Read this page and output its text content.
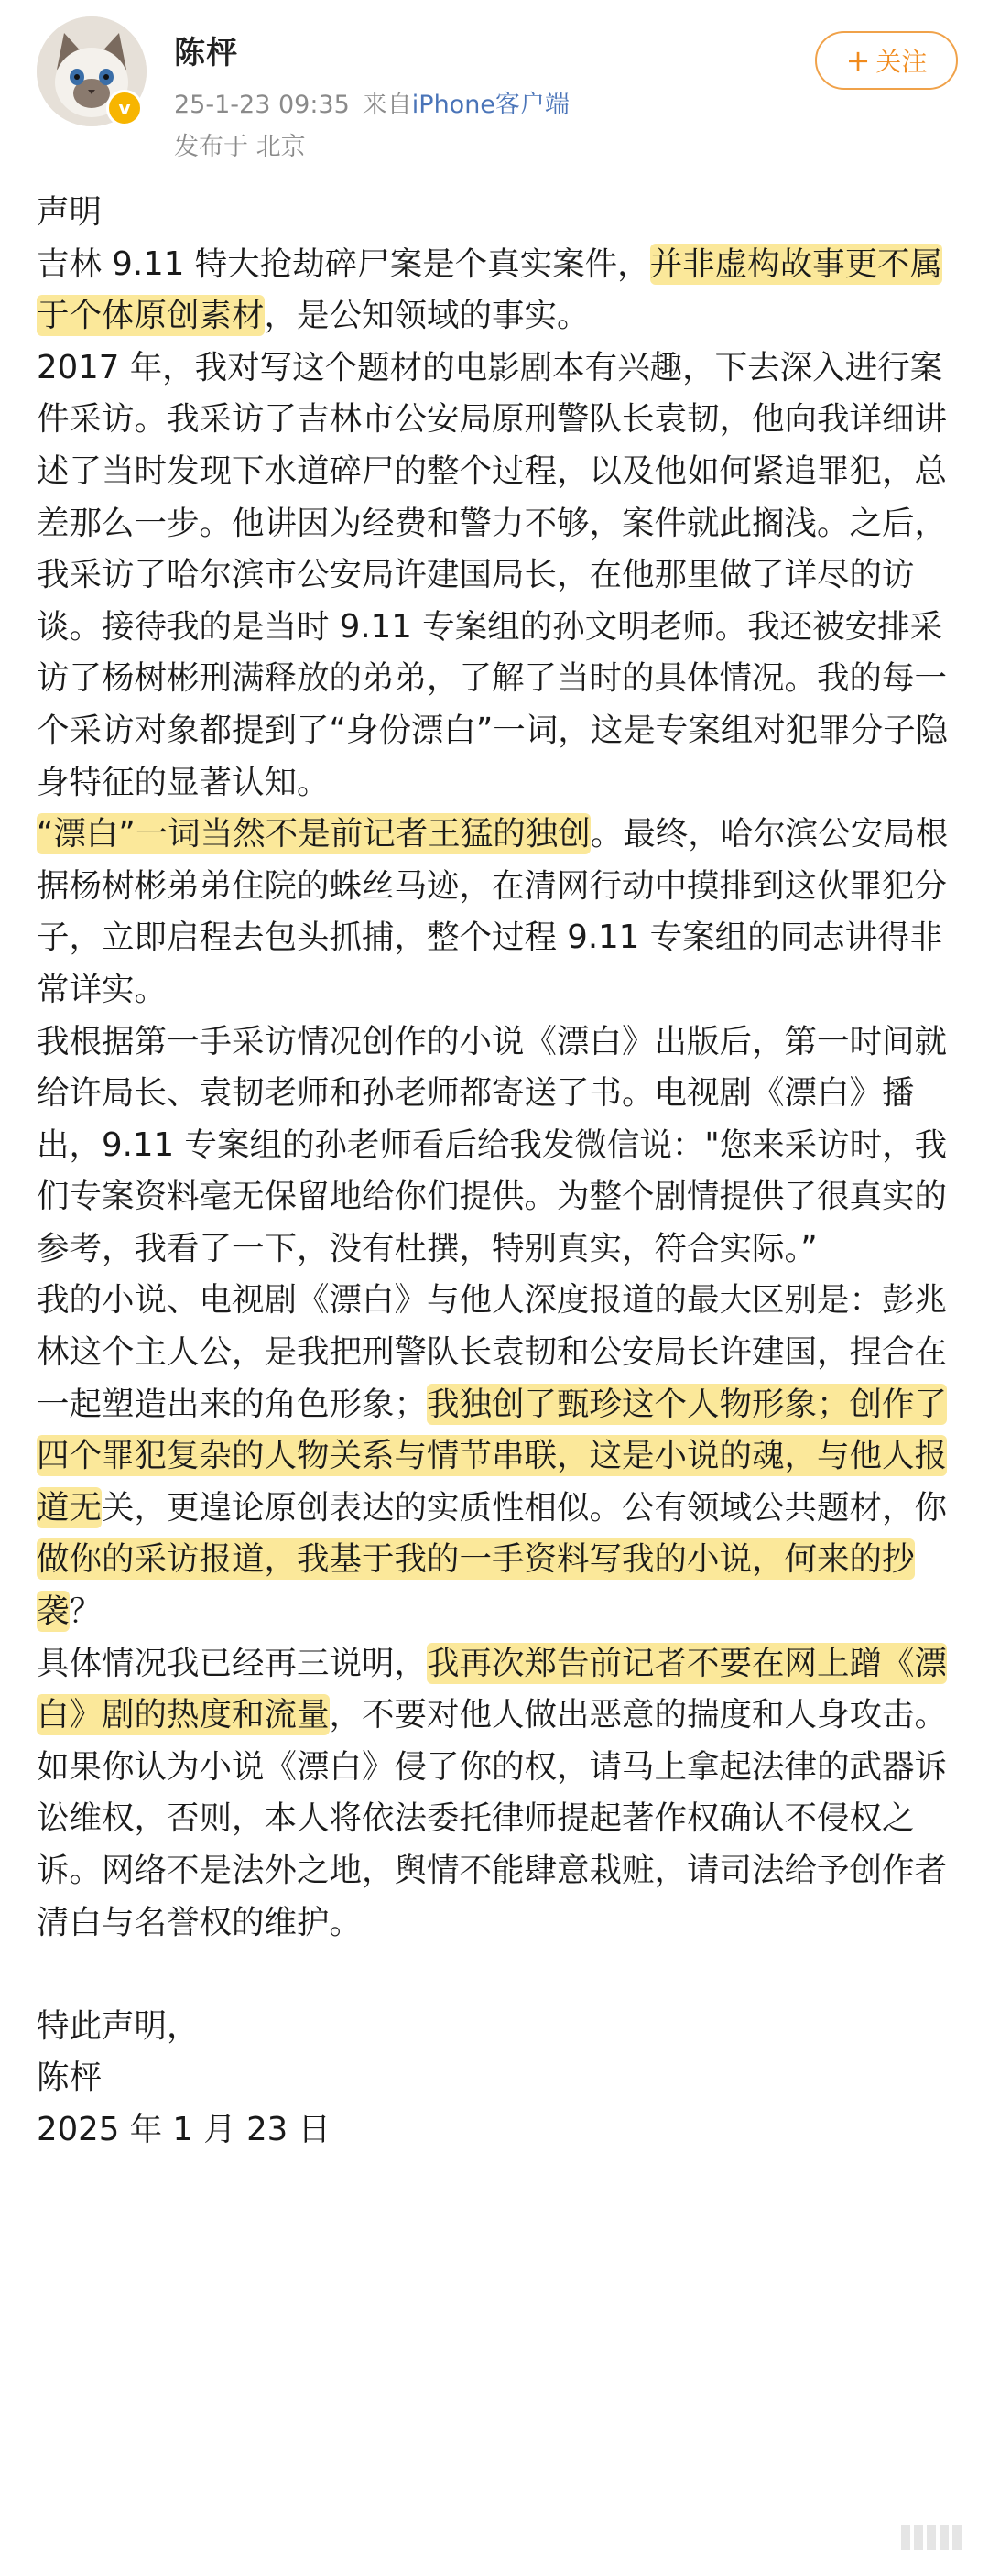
v
陈枰
25-1-23 09:35 来自iPhone客户端
发布于 北京
+ 关注

声明

吉林 9.11 特大抢劫碎尸案是个真实案件，并非虚构故事更不属于个体原创素材，是公知领域的事实。

2017 年，我对写这个题材的电影剧本有兴趣，下去深入进行案件采访。我采访了吉林市公安局原刑警队长袁韧，他向我详细讲述了当时发现下水道碎尸的整个过程，以及他如何紧追罪犯，总差那么一步。他讲因为经费和警力不够，案件就此搁浅。之后，我采访了哈尔滨市公安局许建国局长，在他那里做了详尽的访谈。接待我的是当时 9.11 专案组的孙文明老师。我还被安排采访了杨树彬刑满释放的弟弟，了解了当时的具体情况。我的每一个采访对象都提到了“身份漂白”一词，这是专案组对犯罪分子隐身特征的显著认知。

“漂白”一词当然不是前记者王猛的独创。最终，哈尔滨公安局根据杨树彬弟弟住院的蛛丝马迹，在清网行动中摸排到这伙罪犯分子，立即启程去包头抓捕，整个过程 9.11 专案组的同志讲得非常详实。

我根据第一手采访情况创作的小说《漂白》出版后，第一时间就给许局长、袁韧老师和孙老师都寄送了书。电视剧《漂白》播出，9.11 专案组的孙老师看后给我发微信说："您来采访时，我们专案资料毫无保留地给你们提供。为整个剧情提供了很真实的参考，我看了一下，没有杜撰，特别真实，符合实际。”

我的小说、电视剧《漂白》与他人深度报道的最大区别是：彭兆林这个主人公，是我把刑警队长袁韧和公安局长许建国，捏合在一起塑造出来的角色形象；我独创了甄珍这个人物形象；创作了四个罪犯复杂的人物关系与情节串联，这是小说的魂，与他人报道无关，更遑论原创表达的实质性相似。公有领域公共题材，你做你的采访报道，我基于我的一手资料写我的小说，何来的抄袭？

具体情况我已经再三说明，我再次郑告前记者不要在网上蹭《漂白》剧的热度和流量，不要对他人做出恶意的揣度和人身攻击。如果你认为小说《漂白》侵了你的权，请马上拿起法律的武器诉讼维权，否则，本人将依法委托律师提起著作权确认不侵权之诉。网络不是法外之地，舆情不能肆意栽赃，请司法给予创作者清白与名誉权的维护。

特此声明，

陈枰

2025 年 1 月 23 日
